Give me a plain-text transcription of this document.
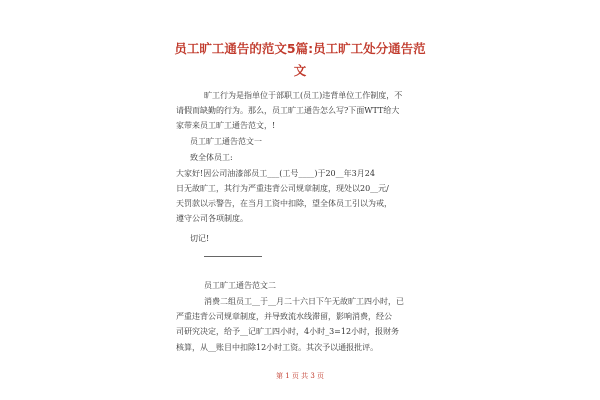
员工旷工通告的范文5篇:员工旷工处分通告范
文
旷工行为是指单位于部职工(员工)违背单位工作制度，不
请假而缺勤的行为。那么，员工旷工通告怎么写?下面WTT给大
家带来员工旷工通告范文，!
员工旷工通告范文一
致全体员工:
大家好!因公司油漆部员工___(工号____)于20__年3月24
日无故旷工，其行为严重违背公司规章制度，现处以20__元/
天罚款以示警告，在当月工资中扣除，望全体员工引以为戒，
遵守公司各项制度。
切记!
员工旷工通告范文二
消费二组员工__于__月二十六日下午无故旷工四小时，已
严重违背公司规章制度，并导致流水线滞留，影响消费，经公
司研究决定，给予__记旷工四小时，4小时_3=12小时，报财务
核算，从__账目中扣除12小时工资。其次予以通报批评。
第 1 页 共 3 页
